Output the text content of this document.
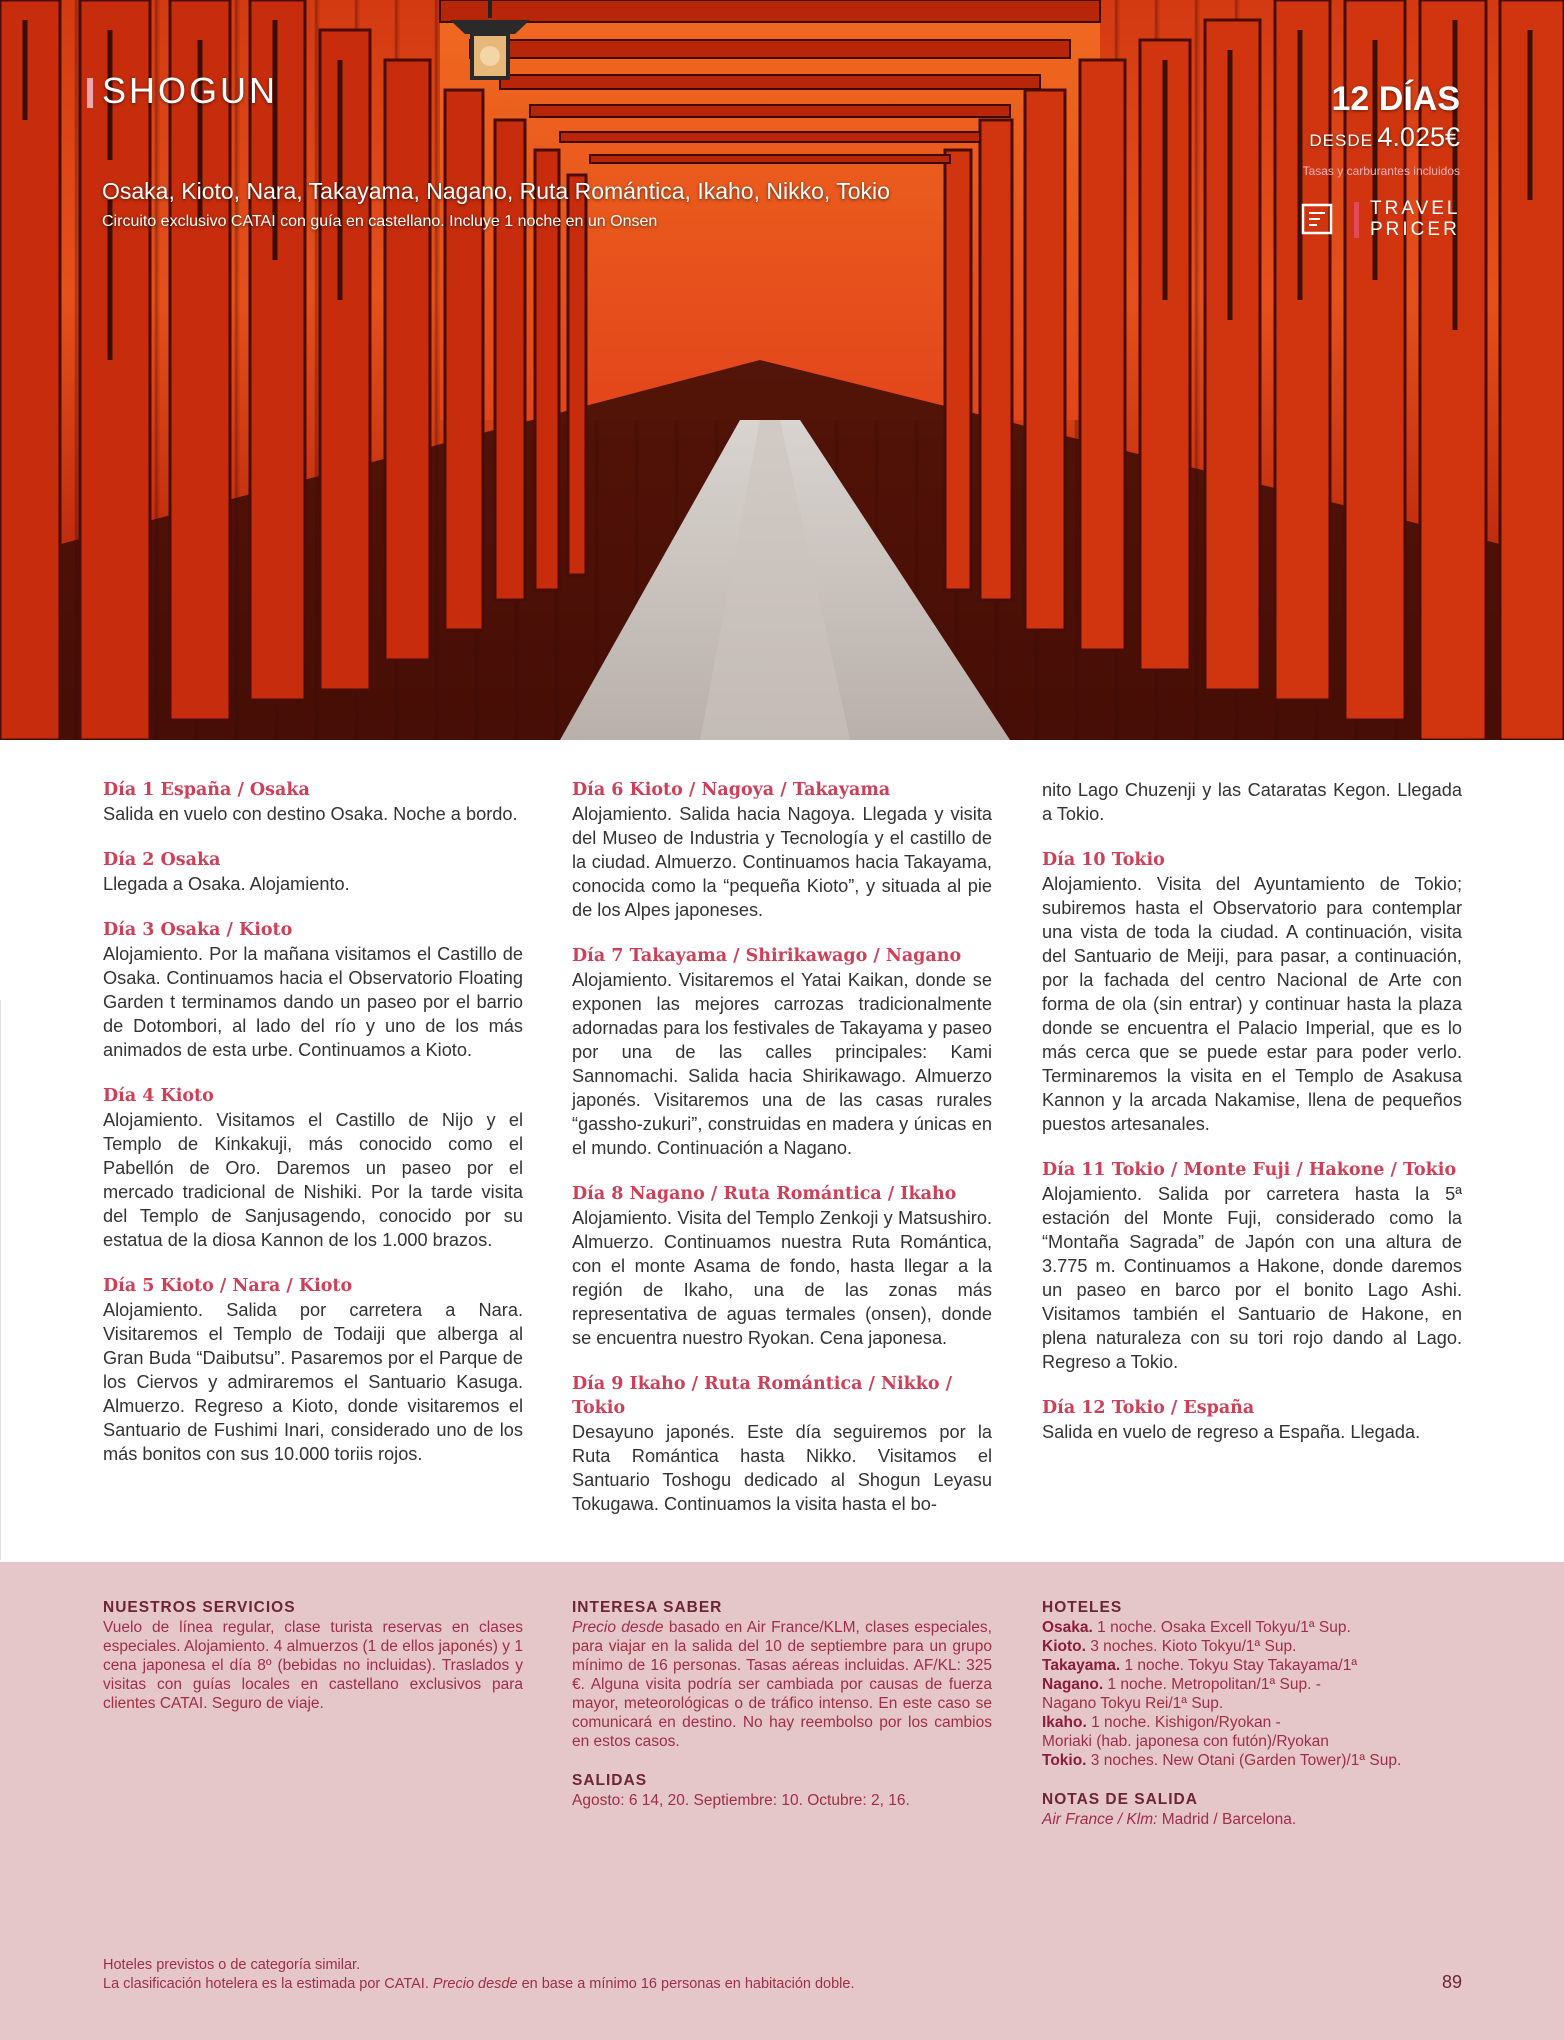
SHOGUN
Osaka, Kioto, Nara, Takayama, Nagano, Ruta Romántica, Ikaho, Nikko, Tokio
Circuito exclusivo CATAI con guía en castellano. Incluye 1 noche en un Onsen
12 DÍAS
DESDE 4.025€
Tasas y carburantes incluidos
TRAVEL
PRICER
Día 1 España / Osaka
Salida en vuelo con destino Osaka. Noche a bordo.
Día 2 Osaka
Llegada a Osaka. Alojamiento.
Día 3 Osaka / Kioto
Alojamiento. Por la mañana visitamos el Castillo de Osaka. Continuamos hacia el Observatorio Floating Garden t terminamos dando un paseo por el barrio de Dotombori, al lado del río y uno de los más animados de esta urbe. Continuamos a Kioto.
Día 4 Kioto
Alojamiento. Visitamos el Castillo de Nijo y el Templo de Kinkakuji, más conocido como el Pabellón de Oro. Daremos un paseo por el mercado tradicional de Nishiki. Por la tarde visita del Templo de Sanjusagendo, conocido por su estatua de la diosa Kannon de los 1.000 brazos.
Día 5 Kioto / Nara / Kioto
Alojamiento. Salida por carretera a Nara. Visitaremos el Templo de Todaiji que alberga al Gran Buda “Daibutsu”. Pasaremos por el Parque de los Ciervos y admiraremos el Santuario Kasuga. Almuerzo. Regreso a Kioto, donde visitaremos el Santuario de Fushimi Inari, considerado uno de los más bonitos con sus 10.000 toriis rojos.
Día 6 Kioto / Nagoya / Takayama
Alojamiento. Salida hacia Nagoya. Llegada y visita del Museo de Industria y Tecnología y el castillo de la ciudad. Almuerzo. Continuamos hacia Takayama, conocida como la “pequeña Kioto”, y situada al pie de los Alpes japoneses.
Día 7 Takayama / Shirikawago / Nagano
Alojamiento. Visitaremos el Yatai Kaikan, donde se exponen las mejores carrozas tradicionalmente adornadas para los festivales de Takayama y paseo por una de las calles principales: Kami Sannomachi. Salida hacia Shirikawago. Almuerzo japonés. Visitaremos una de las casas rurales “gassho-zukuri”, construidas en madera y únicas en el mundo. Continuación a Nagano.
Día 8 Nagano / Ruta Romántica / Ikaho
Alojamiento. Visita del Templo Zenkoji y Matsushiro. Almuerzo. Continuamos nuestra Ruta Romántica, con el monte Asama de fondo, hasta llegar a la región de Ikaho, una de las zonas más representativa de aguas termales (onsen), donde se encuentra nuestro Ryokan. Cena japonesa.
Día 9 Ikaho / Ruta Romántica / Nikko / Tokio
Desayuno japonés. Este día seguiremos por la Ruta Romántica hasta Nikko. Visitamos el Santuario Toshogu dedicado al Shogun Leyasu Tokugawa. Continuamos la visita hasta el bo-
nito Lago Chuzenji y las Cataratas Kegon. Llegada a Tokio.
Día 10 Tokio
Alojamiento. Visita del Ayuntamiento de Tokio; subiremos hasta el Observatorio para contemplar una vista de toda la ciudad. A continuación, visita del Santuario de Meiji, para pasar, a continuación, por la fachada del centro Nacional de Arte con forma de ola (sin entrar) y continuar hasta la plaza donde se encuentra el Palacio Imperial, que es lo más cerca que se puede estar para poder verlo. Terminaremos la visita en el Templo de Asakusa Kannon y la arcada Nakamise, llena de pequeños puestos artesanales.
Día 11 Tokio / Monte Fuji / Hakone / Tokio
Alojamiento. Salida por carretera hasta la 5ª estación del Monte Fuji, considerado como la “Montaña Sagrada” de Japón con una altura de 3.775 m. Continuamos a Hakone, donde daremos un paseo en barco por el bonito Lago Ashi. Visitamos también el Santuario de Hakone, en plena naturaleza con su tori rojo dando al Lago. Regreso a Tokio.
Día 12 Tokio / España
Salida en vuelo de regreso a España. Llegada.
NUESTROS SERVICIOS
Vuelo de línea regular, clase turista reservas en clases especiales. Alojamiento. 4 almuerzos (1 de ellos japonés) y 1 cena japonesa el día 8º (bebidas no incluidas). Traslados y visitas con guías locales en castellano exclusivos para clientes CATAI. Seguro de viaje.
INTERESA SABER
Precio desde basado en Air France/KLM, clases especiales, para viajar en la salida del 10 de septiembre para un grupo mínimo de 16 personas. Tasas aéreas incluidas. AF/KL: 325 €. Alguna visita podría ser cambiada por causas de fuerza mayor, meteorológicas o de tráfico intenso. En este caso se comunicará en destino. No hay reembolso por los cambios en estos casos.
SALIDAS
Agosto: 6 14, 20. Septiembre: 10. Octubre: 2, 16.
HOTELES
Osaka. 1 noche. Osaka Excell Tokyu/1ª Sup.
Kioto. 3 noches. Kioto Tokyu/1ª Sup.
Takayama. 1 noche. Tokyu Stay Takayama/1ª
Nagano. 1 noche. Metropolitan/1ª Sup. -
Nagano Tokyu Rei/1ª Sup.
Ikaho. 1 noche. Kishigon/Ryokan -
Moriaki (hab. japonesa con futón)/Ryokan
Tokio. 3 noches. New Otani (Garden Tower)/1ª Sup.
NOTAS DE SALIDA
Air France / Klm: Madrid / Barcelona.
Hoteles previstos o de categoría similar.
La clasificación hotelera es la estimada por CATAI. Precio desde en base a mínimo 16 personas en habitación doble.	89
